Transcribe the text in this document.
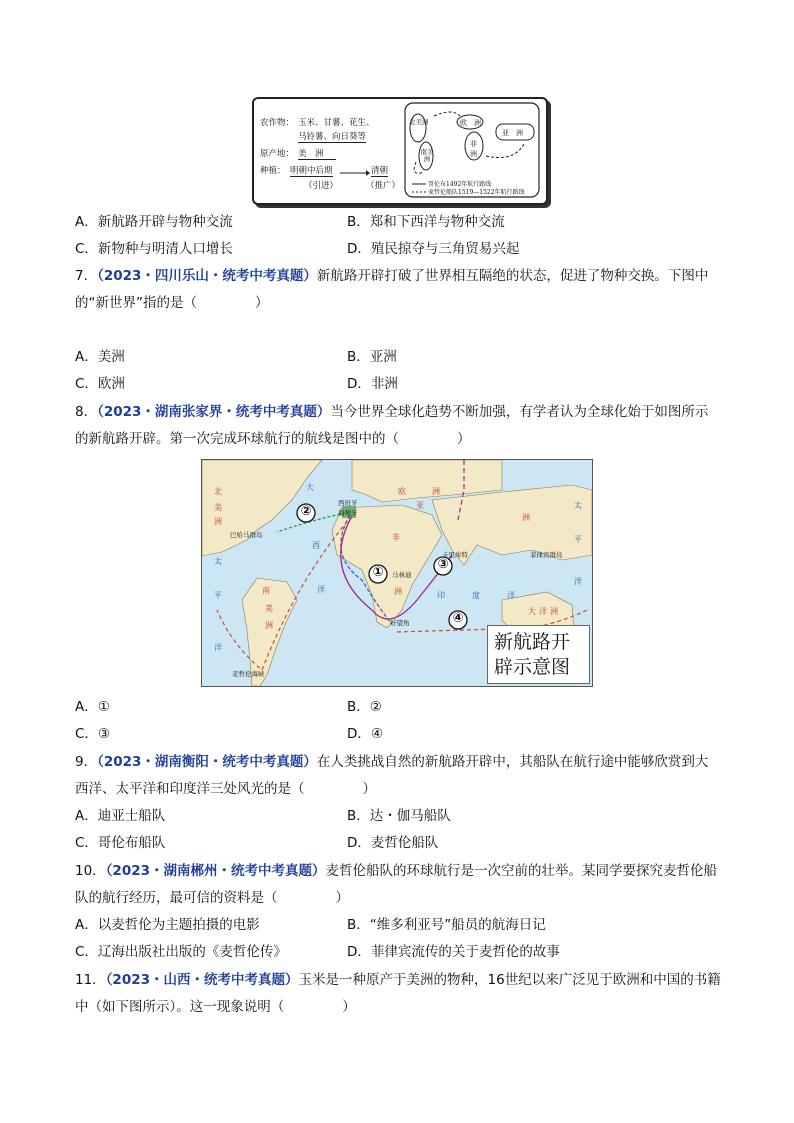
农作物： 玉米、甘薯、花生、
马铃薯、向日葵等
原产地： 美　洲
种植： 明朝中后期	清朝
（引进）	（推广）
北美洲
南美洲
欧　洲
非洲
亚　洲
哥伦布1492年航行路线
麦哲伦船队1519—1522年航行路线
A．新航路开辟与物种交流	B．郑和下西洋与物种交流
C．新物种与明清人口增长	D．殖民掠夺与三角贸易兴起
7．（2023・四川乐山・统考中考真题）新航路开辟打破了世界相互隔绝的状态，促进了物种交换。下图中
的“新世界”指的是（	）
A．美洲	B．亚洲
C．欧洲	D．非洲
8．（2023・湖南张家界・统考中考真题）当今世界全球化趋势不断加强，有学者认为全球化始于如图所示
的新航路开辟。第一次完成环球航行的航线是图中的（	）
②
①
③
④
西班牙
葡萄牙
巴哈马群岛
马林迪
卡里库特	菲律宾群岛
好望角
麦哲伦海峡
北
美
洲
南
美
洲
欧	洲
亚
洲
非
洲
大
西
洋
太
平
洋
太
平
洋
印	度	洋
大洋洲
新航路开
辟示意图
A．①	B．②
C．③	D．④
9．（2023・湖南衡阳・统考中考真题）在人类挑战自然的新航路开辟中，其船队在航行途中能够欣赏到大
西洋、太平洋和印度洋三处风光的是（	）
A．迪亚士船队	B．达・伽马船队
C．哥伦布船队	D．麦哲伦船队
10．（2023・湖南郴州・统考中考真题）麦哲伦船队的环球航行是一次空前的壮举。某同学要探究麦哲伦船
队的航行经历，最可信的资料是（	）
A．以麦哲伦为主题拍摄的电影	B．“维多利亚号”船员的航海日记
C．辽海出版社出版的《麦哲伦传》	D．菲律宾流传的关于麦哲伦的故事
11．（2023・山西・统考中考真题）玉米是一种原产于美洲的物种，16世纪以来广泛见于欧洲和中国的书籍
中（如下图所示）。这一现象说明（	）
